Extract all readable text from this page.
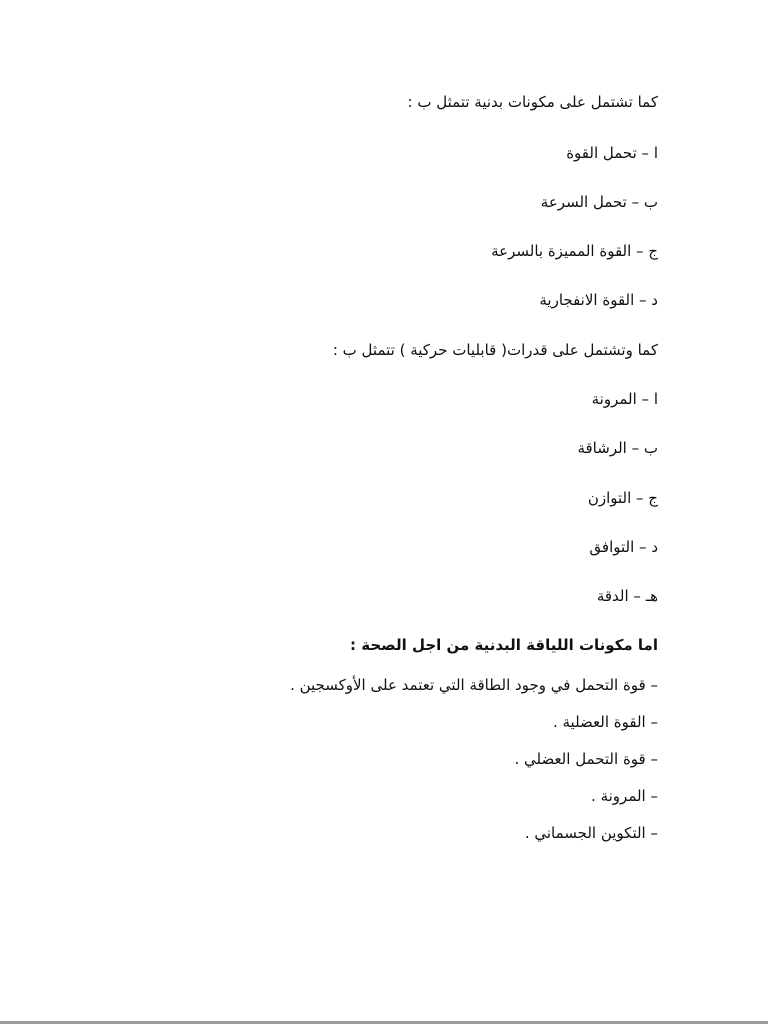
كما تشتمل على مكونات بدنية تتمثل ب :
ا – تحمل القوة
ب – تحمل السرعة
ج – القوة المميزة بالسرعة
د – القوة الانفجارية
كما وتشتمل على قدرات( قابليات حركية ) تتمثل ب :
ا – المرونة
ب – الرشاقة
ج – التوازن
د – التوافق
هـ – الدقة
اما مكونات اللياقة البدنية من اجل الصحة :
– قوة التحمل في وجود الطاقة التي تعتمد على الأوكسجين .
– القوة العضلية .
– قوة التحمل العضلي .
– المرونة .
– التكوين الجسماني .
